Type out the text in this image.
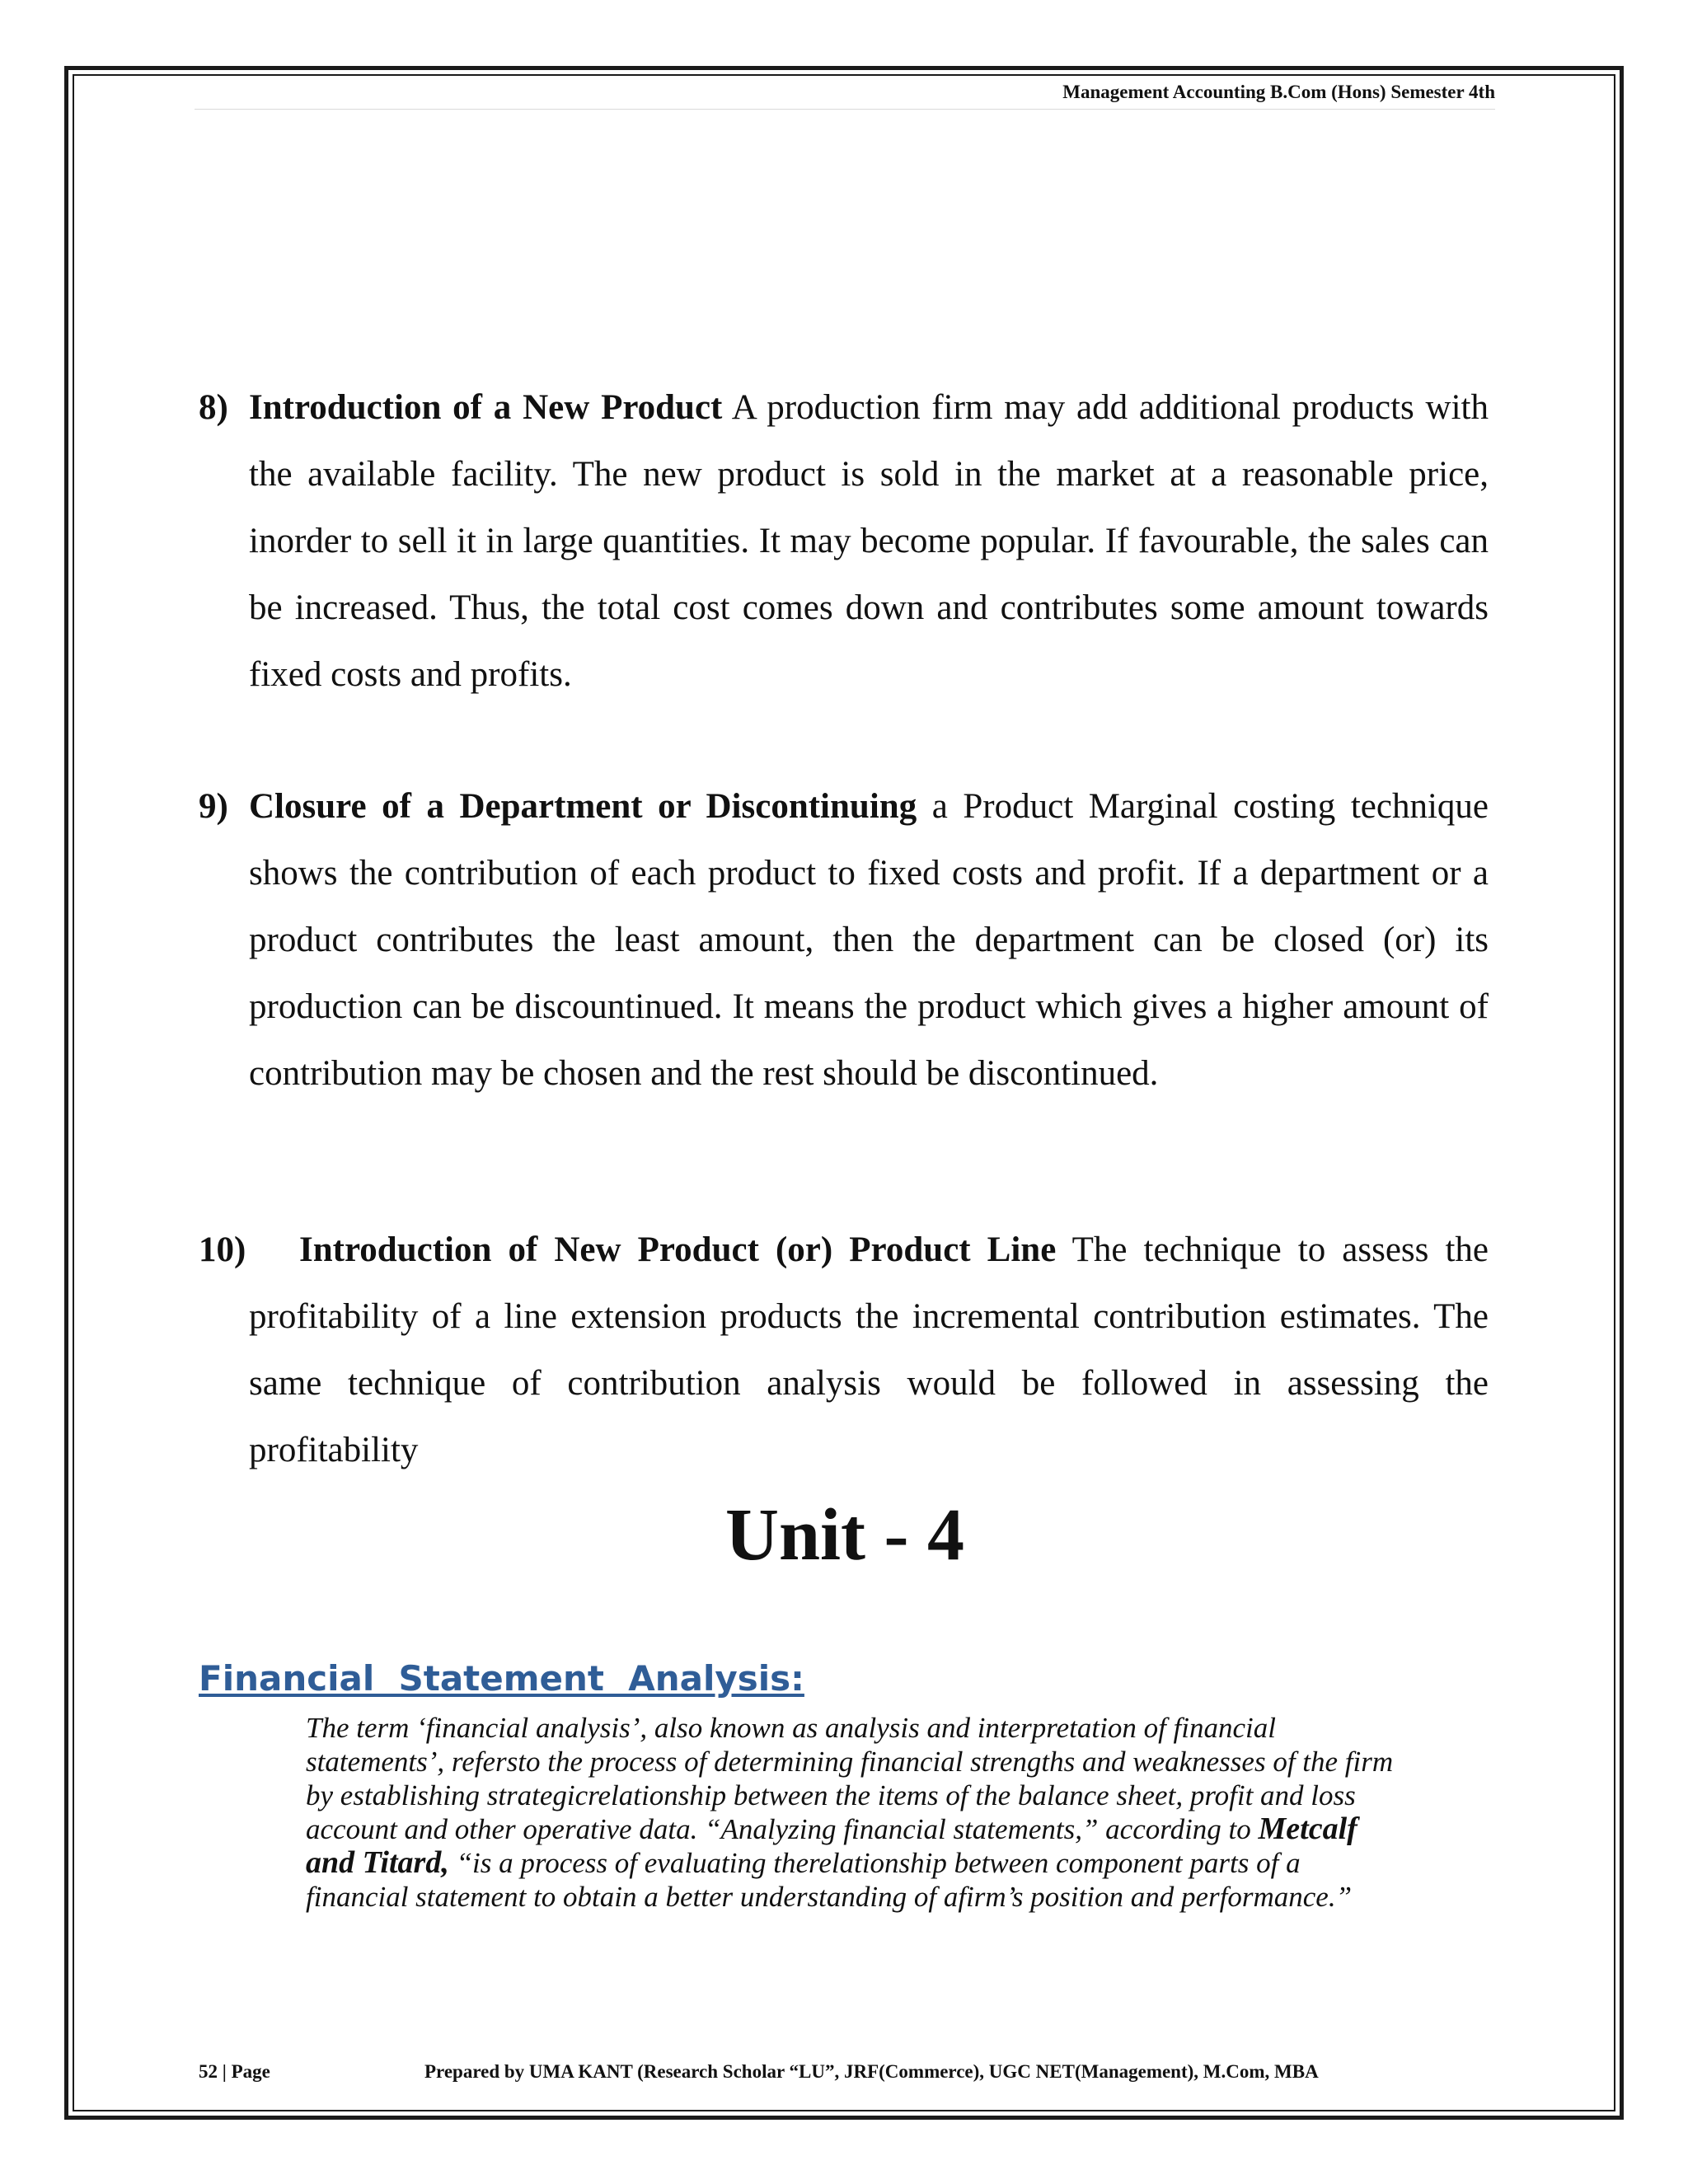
Management Accounting B.Com (Hons) Semester 4th
8) Introduction of a New Product A production firm may add additional products with the available facility. The new product is sold in the market at a reasonable price, inorder to sell it in large quantities. It may become popular. If favourable, the sales can be increased. Thus, the total cost comes down and contributes some amount towards fixed costs and profits.
9) Closure of a Department or Discontinuing a Product Marginal costing technique shows the contribution of each product to fixed costs and profit. If a department or a product contributes the least amount, then the department can be closed (or) its production can be discountinued. It means the product which gives a higher amount of contribution may be chosen and the rest should be discontinued.
10)	Introduction of New Product (or) Product Line The technique to assess the profitability of a line extension products the incremental contribution estimates. The same technique of contribution analysis would be followed in assessing the profitability
Unit - 4
Financial  Statement  Analysis:
The term ‘financial analysis’, also known as analysis and interpretation of financial statements’, refersto the process of determining financial strengths and weaknesses of the firm by establishing strategicrelationship between the items of the balance sheet, profit and loss account and other operative data. “Analyzing financial statements,” according to Metcalf and Titard, “is a process of evaluating therelationship between component parts of a financial statement to obtain a better understanding of afirm’s position and performance.”
52 | Page	Prepared by UMA KANT (Research Scholar “LU”, JRF(Commerce), UGC NET(Management), M.Com, MBA
